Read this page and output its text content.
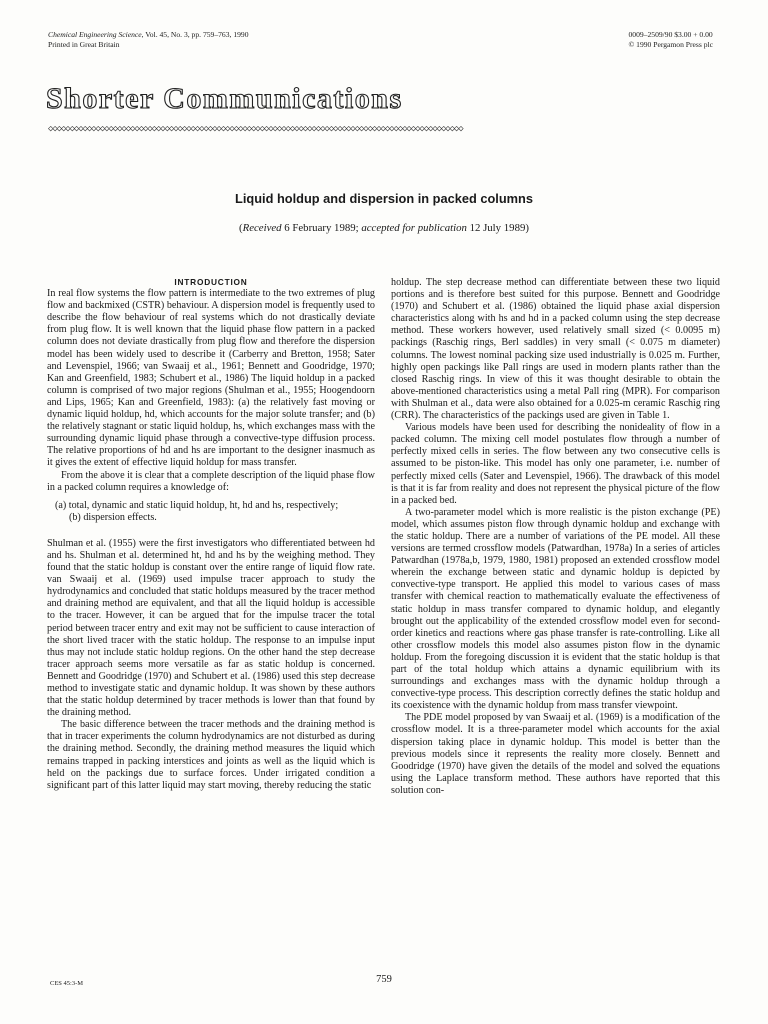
Chemical Engineering Science, Vol. 45, No. 3, pp. 759–763, 1990
Printed in Great Britain
0009–2509/90 $3.00 + 0.00
© 1990 Pergamon Press plc
Shorter Communications
◇◇◇◇◇◇◇◇◇◇◇◇◇◇◇◇◇◇◇◇◇◇◇◇◇◇◇◇◇◇◇◇◇◇◇◇◇◇◇◇◇◇◇◇◇◇◇◇◇◇◇◇◇◇◇◇◇◇◇◇◇◇◇◇◇◇◇◇◇◇◇◇◇◇◇◇◇◇◇◇◇◇◇◇◇◇◇◇◇◇◇◇◇◇◇◇
Liquid holdup and dispersion in packed columns
(Received 6 February 1989; accepted for publication 12 July 1989)

INTRODUCTION

In real flow systems the flow pattern is intermediate to the two extremes of plug flow and backmixed (CSTR) behaviour. A dispersion model is frequently used to describe the flow behaviour of real systems which do not drastically deviate from plug flow. It is well known that the liquid phase flow pattern in a packed column does not deviate drastically from plug flow and therefore the dispersion model has been widely used to describe it (Carberry and Bretton, 1958; Sater and Levenspiel, 1966; van Swaaij et al., 1961; Bennett and Goodridge, 1970; Kan and Greenfield, 1983; Schubert et al., 1986) The liquid holdup in a packed column is comprised of two major regions (Shulman et al., 1955; Hoogendoorn and Lips, 1965; Kan and Greenfield, 1983): (a) the relatively fast moving or dynamic liquid holdup, hd, which accounts for the major solute transfer; and (b) the relatively stagnant or static liquid holdup, hs, which exchanges mass with the surrounding dynamic liquid phase through a convective-type diffusion process. The relative proportions of hd and hs are important to the designer inasmuch as it gives the extent of effective liquid holdup for mass transfer.

From the above it is clear that a complete description of the liquid phase flow in a packed column requires a knowledge of:

(a) total, dynamic and static liquid holdup, ht, hd and hs, respectively;

(b) dispersion effects.

Shulman et al. (1955) were the first investigators who differentiated between hd and hs. Shulman et al. determined ht, hd and hs by the weighing method. They found that the static holdup is constant over the entire range of liquid flow rate. van Swaaij et al. (1969) used impulse tracer approach to study the hydrodynamics and concluded that static holdups measured by the tracer method and draining method are equivalent, and that all the liquid holdup is accessible to the tracer. However, it can be argued that for the impulse tracer the total period between tracer entry and exit may not be sufficient to cause interaction of the short lived tracer with the static holdup. The response to an impulse input thus may not include static holdup regions. On the other hand the step decrease tracer approach seems more versatile as far as static holdup is concerned. Bennett and Goodridge (1970) and Schubert et al. (1986) used this step decrease method to investigate static and dynamic holdup. It was shown by these authors that the static holdup determined by tracer methods is lower than that found by the draining method.

The basic difference between the tracer methods and the draining method is that in tracer experiments the column hydrodynamics are not disturbed as during the draining method. Secondly, the draining method measures the liquid which remains trapped in packing interstices and joints as well as the liquid which is held on the packings due to surface forces. Under irrigated condition a significant part of this latter liquid may start moving, thereby reducing the static

holdup. The step decrease method can differentiate between these two liquid portions and is therefore best suited for this purpose. Bennett and Goodridge (1970) and Schubert et al. (1986) obtained the liquid phase axial dispersion characteristics along with hs and hd in a packed column using the step decrease method. These workers however, used relatively small sized (< 0.0095 m) packings (Raschig rings, Berl saddles) in very small (< 0.075 m diameter) columns. The lowest nominal packing size used industrially is 0.025 m. Further, highly open packings like Pall rings are used in modern plants rather than the closed Raschig rings. In view of this it was thought desirable to obtain the above-mentioned characteristics using a metal Pall ring (MPR). For comparison with Shulman et al., data were also obtained for a 0.025-m ceramic Raschig ring (CRR). The characteristics of the packings used are given in Table 1.

Various models have been used for describing the nonideality of flow in a packed column. The mixing cell model postulates flow through a number of perfectly mixed cells in series. The flow between any two consecutive cells is assumed to be piston-like. This model has only one parameter, i.e. number of perfectly mixed cells (Sater and Levenspiel, 1966). The drawback of this model is that it is far from reality and does not represent the physical picture of the flow in a packed bed.

A two-parameter model which is more realistic is the piston exchange (PE) model, which assumes piston flow through dynamic holdup and exchange with the static holdup. There are a number of variations of the PE model. All these versions are termed crossflow models (Patwardhan, 1978a) In a series of articles Patwardhan (1978a,b, 1979, 1980, 1981) proposed an extended crossflow model wherein the exchange between static and dynamic holdup is depicted by convective-type transport. He applied this model to various cases of mass transfer with chemical reaction to mathematically evaluate the effectiveness of static holdup in mass transfer compared to dynamic holdup, and elegantly brought out the applicability of the extended crossflow model even for second-order kinetics and reactions where gas phase transfer is rate-controlling. Like all other crossflow models this model also assumes piston flow in the dynamic holdup. From the foregoing discussion it is evident that the static holdup is that part of the total holdup which attains a dynamic equilibrium with its surroundings and exchanges mass with the dynamic holdup through a convective-type process. This description correctly defines the static holdup and its coexistence with the dynamic holdup from mass transfer viewpoint.

The PDE model proposed by van Swaaij et al. (1969) is a modification of the crossflow model. It is a three-parameter model which accounts for the axial dispersion taking place in dynamic holdup. This model is better than the previous models since it represents the reality more closely. Bennett and Goodridge (1970) have given the details of the model and solved the equations using the Laplace transform method. These authors have reported that this solution con-

CES 45:3-M	759
